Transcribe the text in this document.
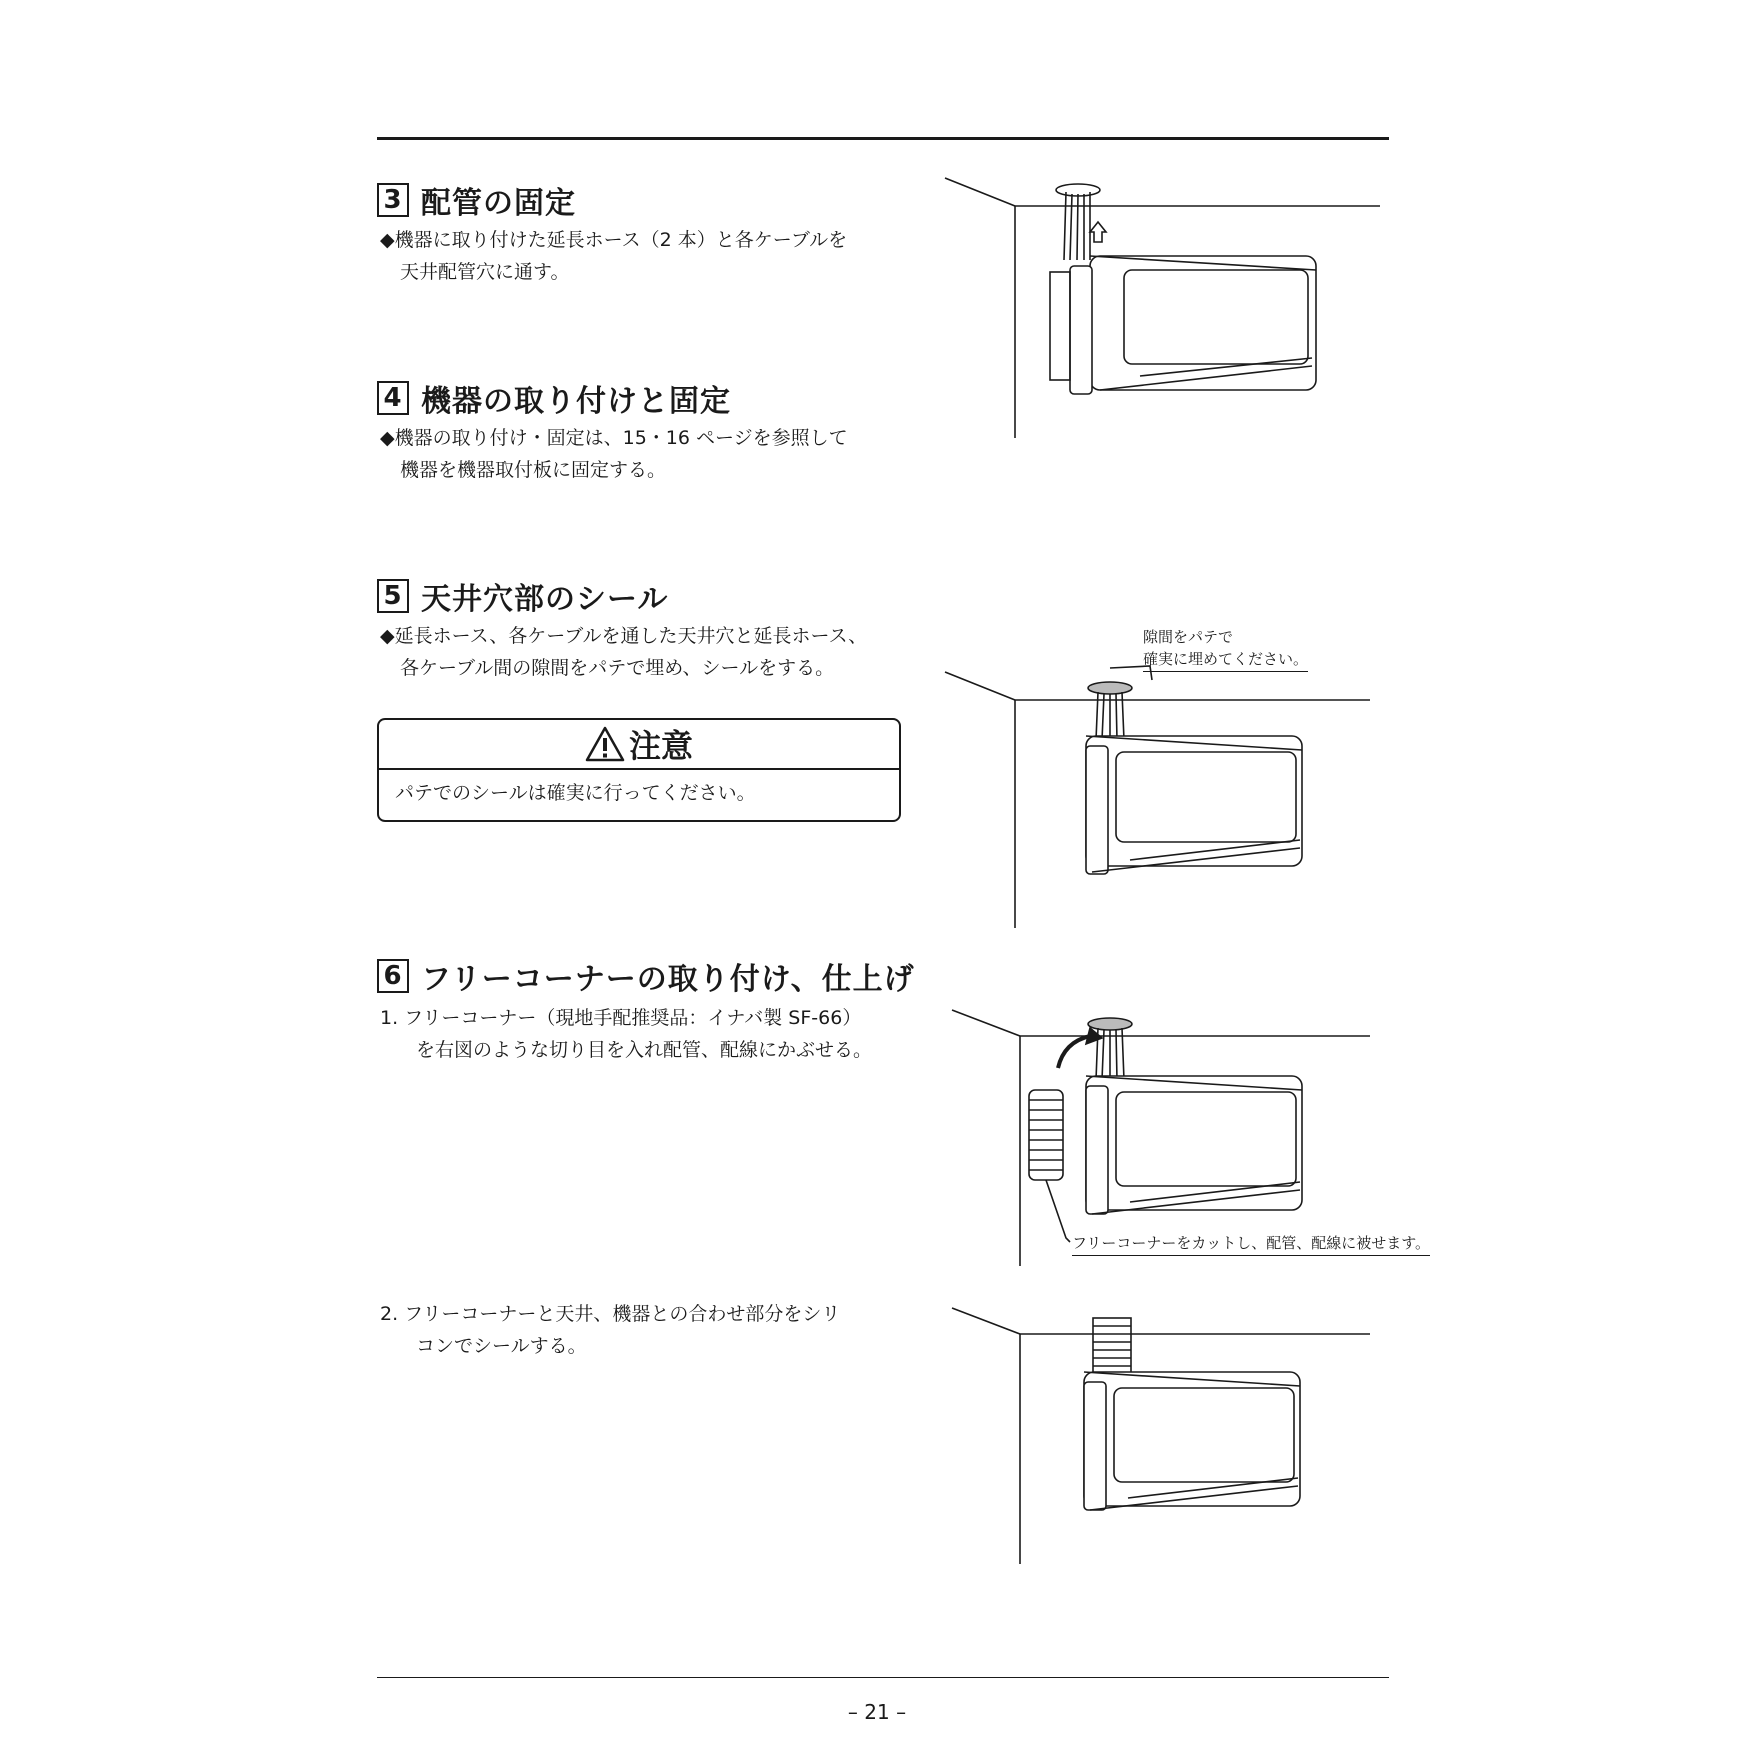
3 配管の固定
◆機器に取り付けた延長ホース（2 本）と各ケーブルを
天井配管穴に通す。
4 機器の取り付けと固定
◆機器の取り付け・固定は、15・16 ページを参照して
機器を機器取付板に固定する。
5 天井穴部のシール
◆延長ホース、各ケーブルを通した天井穴と延長ホース、
各ケーブル間の隙間をパテで埋め、シールをする。
注意
パテでのシールは確実に行ってください。
6 フリーコーナーの取り付け、仕上げ
1. フリーコーナー（現地手配推奨品：イナバ製 SF-66）
を右図のような切り目を入れ配管、配線にかぶせる。
2. フリーコーナーと天井、機器との合わせ部分をシリ
コンでシールする。
隙間をパテで
確実に埋めてください。
フリーコーナーをカットし、配管、配線に被せます。
– 21 –
